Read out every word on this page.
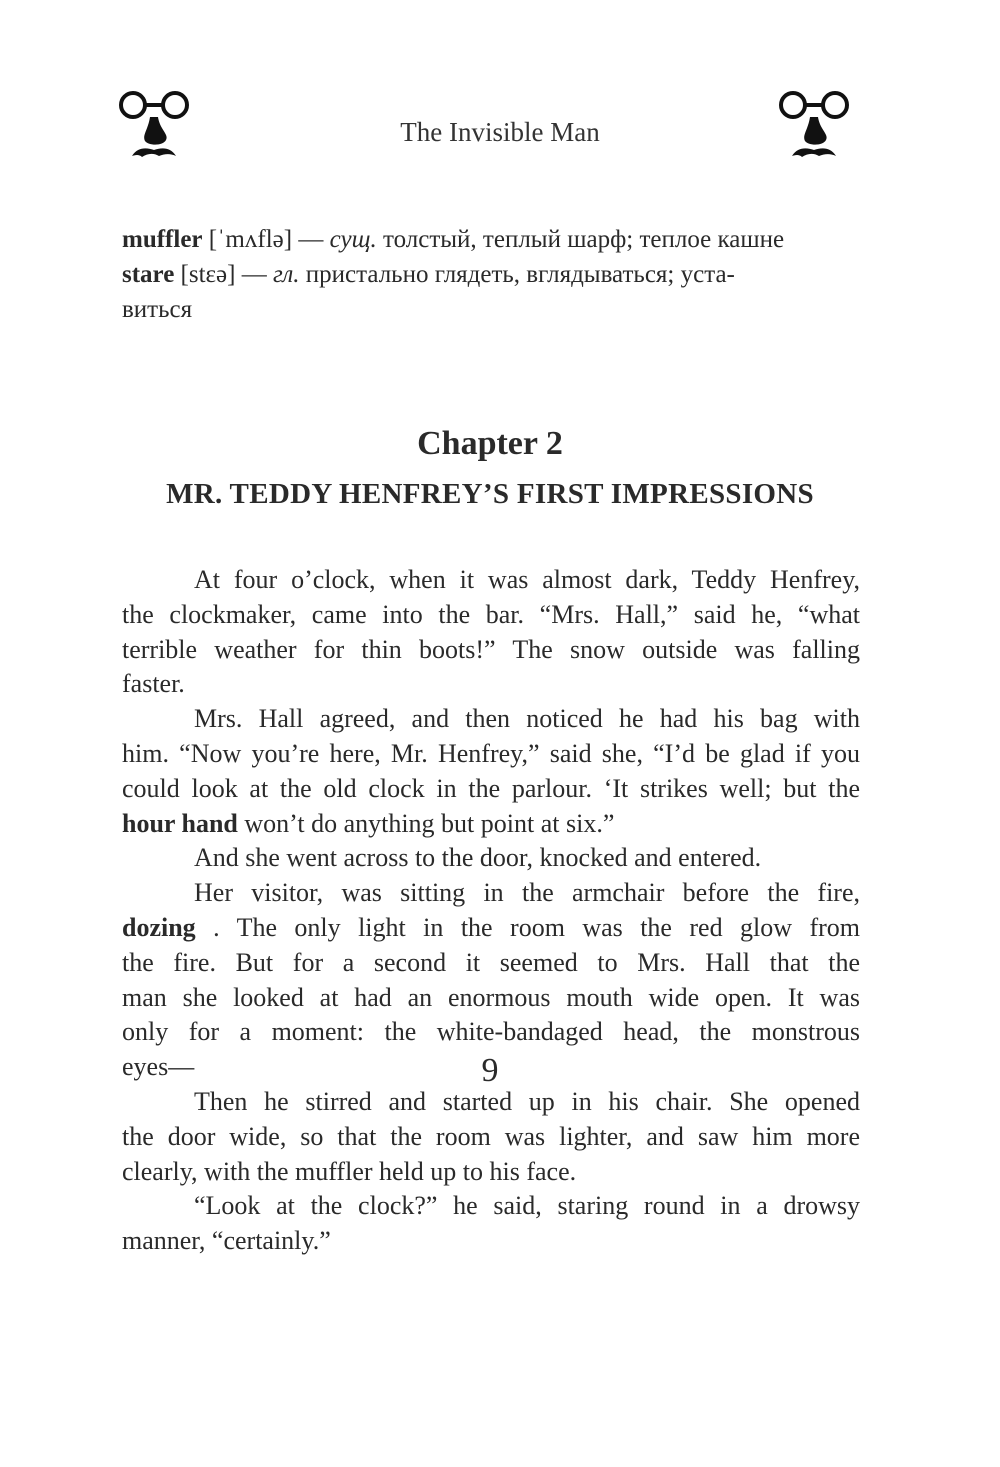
The Invisible Man
muffler [ˈmʌflə] — сущ. толстый, теплый шарф; теплое кашне
stare [stɛə] — гл. пристально глядеть, вглядываться; уста-
виться
Chapter 2
MR. TEDDY HENFREY’S FIRST IMPRESSIONS
At four o’clock, when it was almost dark, Teddy Henfrey,
the clockmaker, came into the bar. “Mrs. Hall,” said he, “what
terrible weather for thin boots!” The snow outside was falling
faster.
Mrs. Hall agreed, and then noticed he had his bag with
him. “Now you’re here, Mr. Henfrey,” said she, “I’d be glad if you
could look at the old clock in the parlour. ‘It strikes well; but the
hour hand won’t do anything but point at six.”
And she went across to the door, knocked and entered.
Her visitor, was sitting in the armchair before the fire,
dozing . The only light in the room was the red glow from
the fire. But for a second it seemed to Mrs. Hall that the
man she looked at had an enormous mouth wide open. It was
only for a moment: the white-bandaged head, the monstrous
eyes—
Then he stirred and started up in his chair. She opened
the door wide, so that the room was lighter, and saw him more
clearly, with the muffler held up to his face.
“Look at the clock?” he said, staring round in a drowsy
manner, “certainly.”
9
